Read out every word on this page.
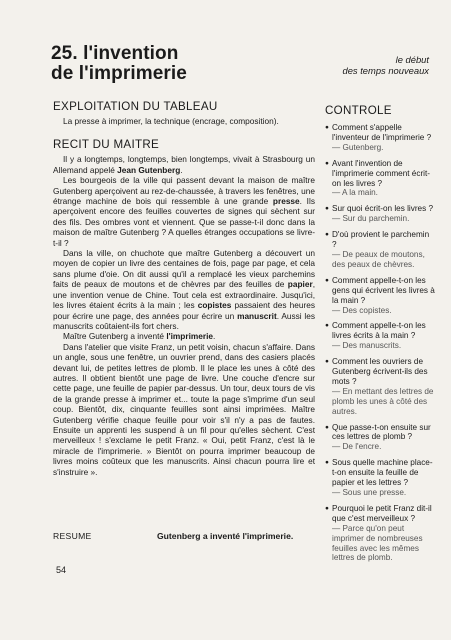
25. l'invention
de l'imprimerie
le début
des temps nouveaux
EXPLOITATION DU TABLEAU

La presse à imprimer, la technique (encrage, composition).

RECIT DU MAITRE

Il y a longtemps, longtemps, bien longtemps, vivait à Strasbourg un Allemand appelé Jean Gutenberg.

Les bourgeois de la ville qui passent devant la maison de maître Gutenberg aperçoivent au rez-de-chaussée, à travers les fenêtres, une étrange machine de bois qui ressemble à une grande presse. Ils aperçoivent encore des feuilles couvertes de signes qui sèchent sur des fils. Des ombres vont et viennent. Que se passe-t-il donc dans la maison de maître Gutenberg ? A quelles étranges occupations se livre-t-il ?

Dans la ville, on chuchote que maître Gutenberg a découvert un moyen de copier un livre des centaines de fois, page par page, et cela sans plume d'oie. On dit aussi qu'il a remplacé les vieux parchemins faits de peaux de moutons et de chèvres par des feuilles de papier, une invention venue de Chine. Tout cela est extraordinaire. Jusqu'ici, les livres étaient écrits à la main ; les copistes passaient des heures pour écrire une page, des années pour écrire un manuscrit. Aussi les manuscrits coûtaient-ils fort chers.

Maître Gutenberg a inventé l'imprimerie.

Dans l'atelier que visite Franz, un petit voisin, chacun s'affaire. Dans un angle, sous une fenêtre, un ouvrier prend, dans des casiers placés devant lui, de petites lettres de plomb. Il le place les unes à côté des autres. Il obtient bientôt une page de livre. Une couche d'encre sur cette page, une feuille de papier par-dessus. Un tour, deux tours de vis de la grande presse à imprimer et... toute la page s'imprime d'un seul coup. Bientôt, dix, cinquante feuilles sont ainsi imprimées. Maître Gutenberg vérifie chaque feuille pour voir s'il n'y a pas de fautes. Ensuite un apprenti les suspend à un fil pour qu'elles sèchent. C'est merveilleux ! s'exclame le petit Franz. « Oui, petit Franz, c'est là le miracle de l'imprimerie. » Bientôt on pourra imprimer beaucoup de livres moins coûteux que les manuscrits. Ainsi chacun pourra lire et s'instruire ».

RESUME	Gutenberg a inventé l'imprimerie.
54
CONTROLE
● Comment s'appelle l'inventeur de l'imprimerie ?
— Gutenberg.
● Avant l'invention de l'imprimerie comment écrit-on les livres ?
— A la main.
● Sur quoi écrit-on les livres ?
— Sur du parchemin.
● D'où provient le parchemin ?
— De peaux de moutons, des peaux de chèvres.
● Comment appelle-t-on les gens qui écrivent les livres à la main ?
— Des copistes.
● Comment appelle-t-on les livres écrits à la main ?
— Des manuscrits.
● Comment les ouvriers de Gutenberg écrivent-ils des mots ?
— En mettant des lettres de plomb les unes à côté des autres.
● Que passe-t-on ensuite sur ces lettres de plomb ?
— De l'encre.
● Sous quelle machine place-t-on ensuite la feuille de papier et les lettres ?
— Sous une presse.
● Pourquoi le petit Franz dit-il que c'est merveilleux ?
— Parce qu'on peut imprimer de nombreuses feuilles avec les mêmes lettres de plomb.
